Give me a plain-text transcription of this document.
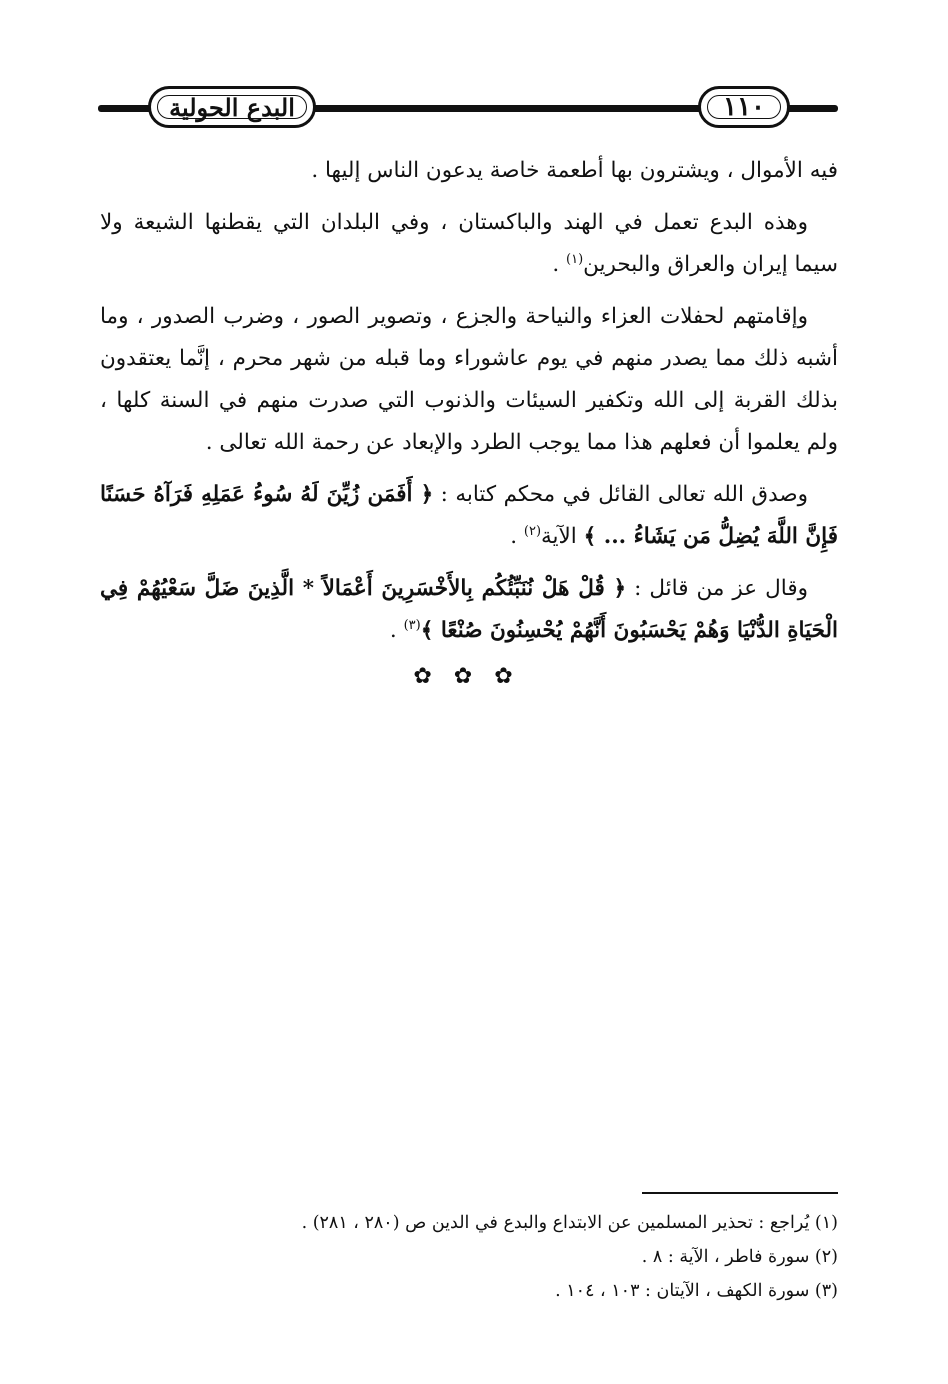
البدع الحولية	١١٠

فيه الأموال ، ويشترون بها أطعمة خاصة يدعون الناس إليها .

وهذه البدع تعمل في الهند والباكستان ، وفي البلدان التي يقطنها الشيعة ولا سيما إيران والعراق والبحرين$^{(١)}$ .

وإقامتهم لحفلات العزاء والنياحة والجزع ، وتصوير الصور ، وضرب الصدور ، وما أشبه ذلك مما يصدر منهم في يوم عاشوراء وما قبله من شهر محرم ، إنَّما يعتقدون بذلك القربة إلى الله وتكفير السيئات والذنوب التي صدرت منهم في السنة كلها ، ولم يعلموا أن فعلهم هذا مما يوجب الطرد والإبعاد عن رحمة الله تعالى .

وصدق الله تعالى القائل في محكم كتابه : ﴿ أَفَمَن زُيِّنَ لَهُ سُوءُ عَمَلِهِ فَرَآهُ حَسَنًا فَإِنَّ اللَّهَ يُضِلُّ مَن يَشَاءُ ... ﴾ الآية$^{(٢)}$ .

وقال عز من قائل : ﴿ قُلْ هَلْ نُنَبِّئُكُم بِالأَخْسَرِينَ أَعْمَالاً * الَّذِينَ ضَلَّ سَعْيُهُمْ فِي الْحَيَاةِ الدُّنْيَا وَهُمْ يَحْسَبُونَ أَنَّهُمْ يُحْسِنُونَ صُنْعًا ﴾$^{(٣)}$ .

✿✿✿
(١) يُراجع : تحذير المسلمين عن الابتداع والبدع في الدين ص (٢٨٠ ، ٢٨١) .
(٢) سورة فاطر ، الآية : ٨ .
(٣) سورة الكهف ، الآيتان : ١٠٣ ، ١٠٤ .
